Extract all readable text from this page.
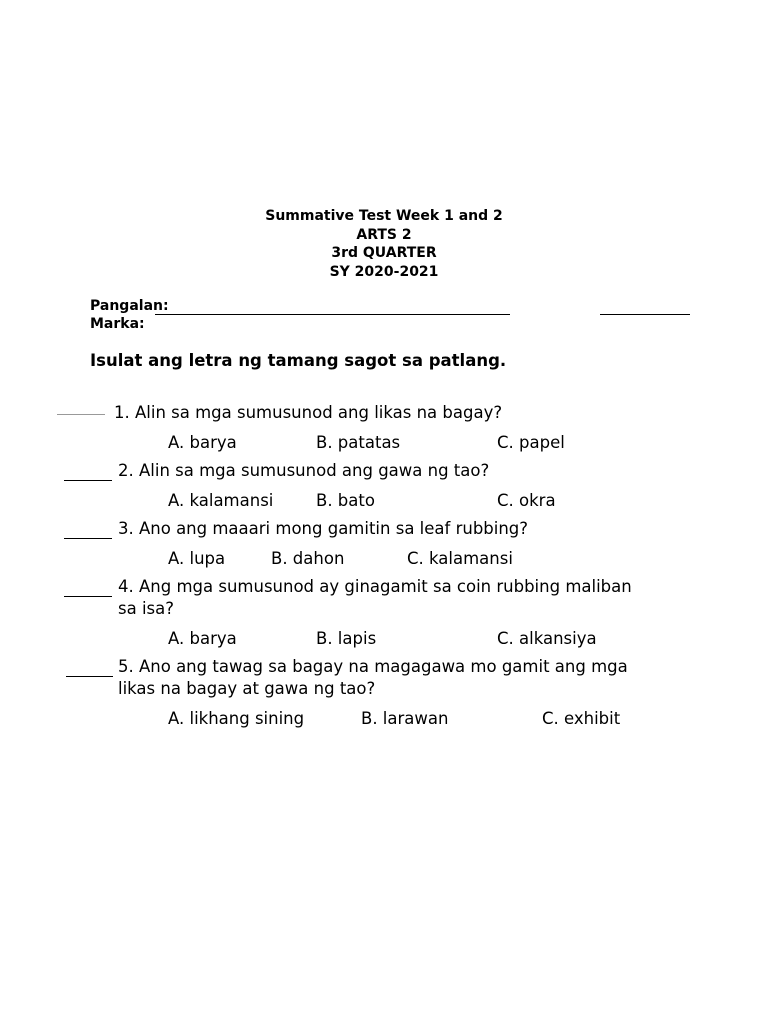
Summative Test Week 1 and 2
ARTS 2
3rd QUARTER
SY 2020-2021
Pangalan:
Marka:
Isulat ang letra ng tamang sagot sa patlang.
1. Alin sa mga sumusunod ang likas na bagay?
A. barya	B. patatas	C. papel
2. Alin sa mga sumusunod ang gawa ng tao?
A. kalamansi	B. bato	C. okra
3. Ano ang maaari mong gamitin sa leaf rubbing?
A. lupa	B. dahon	C. kalamansi
4. Ang mga sumusunod ay ginagamit sa coin rubbing maliban
sa isa?
A. barya	B. lapis	C. alkansiya
5. Ano ang tawag sa bagay na magagawa mo gamit ang mga
likas na bagay at gawa ng tao?
A. likhang sining	B. larawan	C. exhibit
